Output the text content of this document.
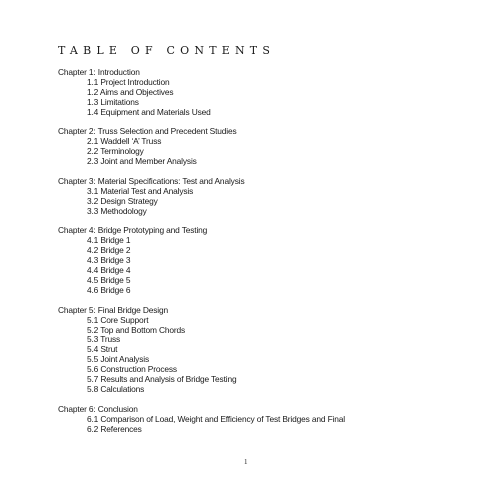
TABLE OF CONTENTS
Chapter 1: Introduction
1.1 Project Introduction
1.2 Aims and Objectives
1.3 Limitations
1.4 Equipment and Materials Used
Chapter 2: Truss Selection and Precedent Studies
2.1 Waddell ‘A’ Truss
2.2 Terminology
2.3 Joint and Member Analysis
Chapter 3: Material Specifications: Test and Analysis
3.1 Material Test and Analysis
3.2 Design Strategy
3.3 Methodology
Chapter 4: Bridge Prototyping and Testing
4.1 Bridge 1
4.2 Bridge 2
4.3 Bridge 3
4.4 Bridge 4
4.5 Bridge 5
4.6 Bridge 6
Chapter 5: Final Bridge Design
5.1 Core Support
5.2 Top and Bottom Chords
5.3 Truss
5.4 Strut
5.5 Joint Analysis
5.6 Construction Process
5.7 Results and Analysis of Bridge Testing
5.8 Calculations
Chapter 6: Conclusion
6.1 Comparison of Load, Weight and Efficiency of Test Bridges and Final
6.2 References
1
